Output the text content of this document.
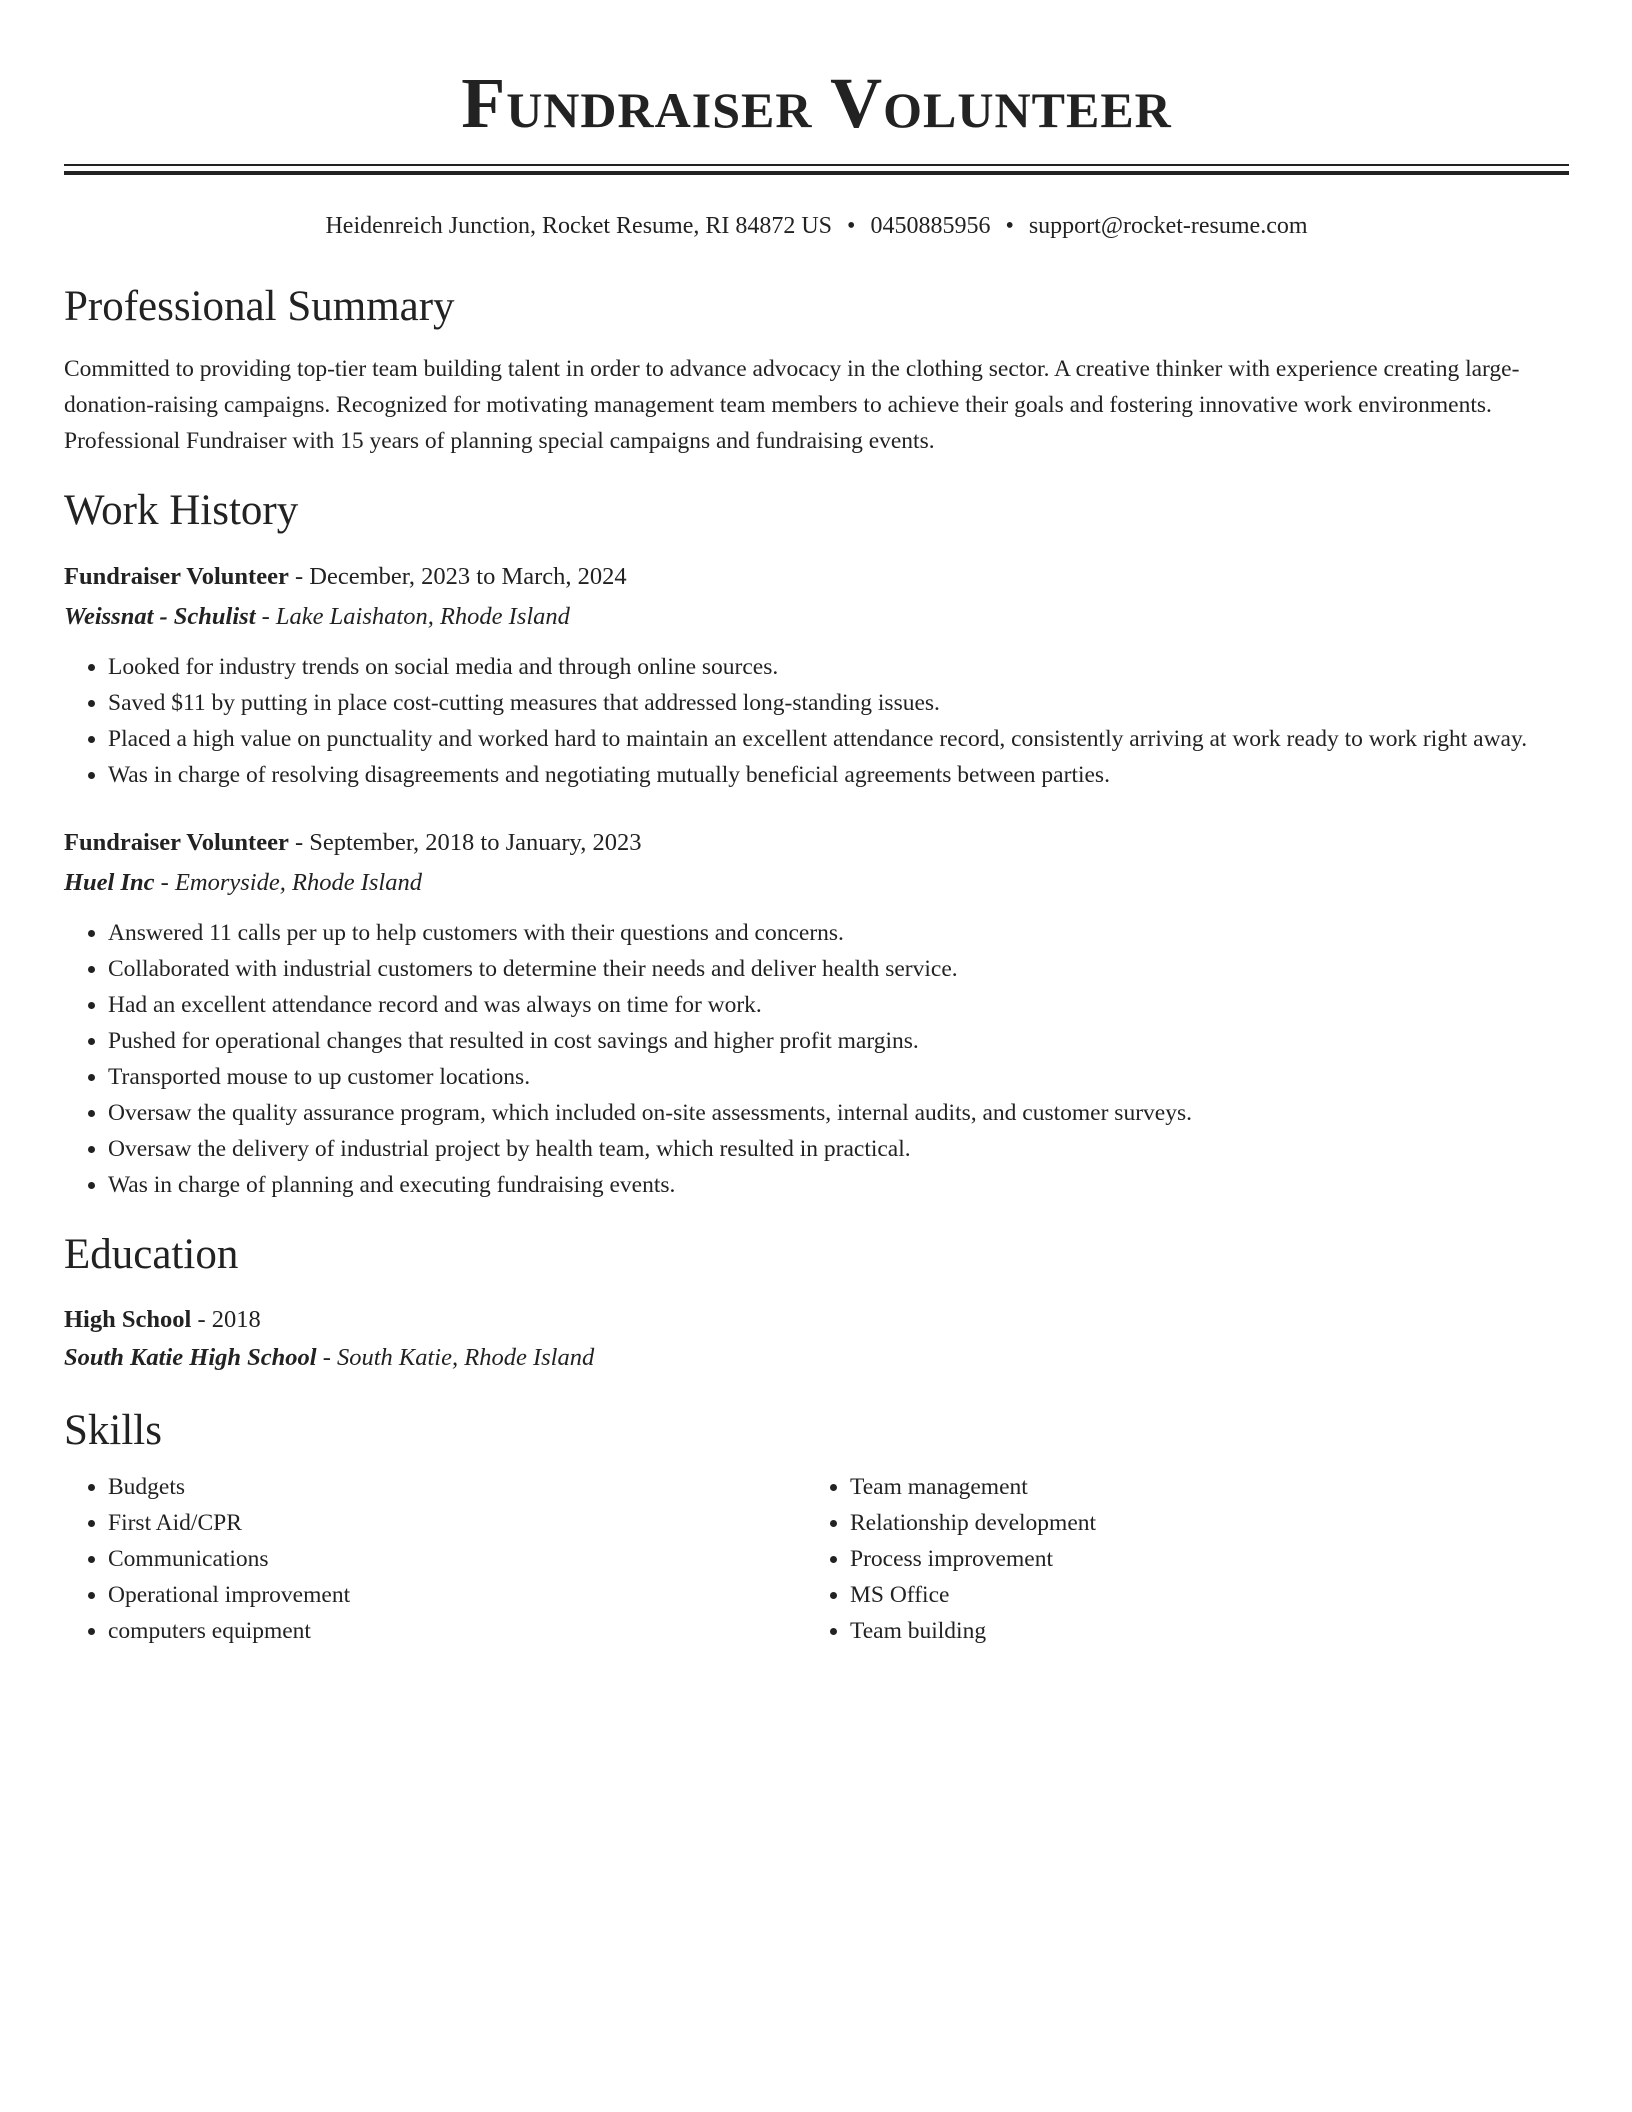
Fundraiser Volunteer
Heidenreich Junction, Rocket Resume, RI 84872 US • 0450885956 • support@rocket-resume.com
Professional Summary

Committed to providing top-tier team building talent in order to advance advocacy in the clothing sector. A creative thinker with experience creating large-donation-raising campaigns. Recognized for motivating management team members to achieve their goals and fostering innovative work environments. Professional Fundraiser with 15 years of planning special campaigns and fundraising events.

Work History
Fundraiser Volunteer - December, 2023 to March, 2024
Weissnat - Schulist - Lake Laishaton, Rhode Island
• Looked for industry trends on social media and through online sources.
• Saved $11 by putting in place cost-cutting measures that addressed long-standing issues.
• Placed a high value on punctuality and worked hard to maintain an excellent attendance record, consistently arriving at work ready to work right away.
• Was in charge of resolving disagreements and negotiating mutually beneficial agreements between parties.
Fundraiser Volunteer - September, 2018 to January, 2023
Huel Inc - Emoryside, Rhode Island
• Answered 11 calls per up to help customers with their questions and concerns.
• Collaborated with industrial customers to determine their needs and deliver health service.
• Had an excellent attendance record and was always on time for work.
• Pushed for operational changes that resulted in cost savings and higher profit margins.
• Transported mouse to up customer locations.
• Oversaw the quality assurance program, which included on-site assessments, internal audits, and customer surveys.
• Oversaw the delivery of industrial project by health team, which resulted in practical.
• Was in charge of planning and executing fundraising events.
Education
High School - 2018
South Katie High School - South Katie, Rhode Island
Skills
• Budgets
• First Aid/CPR
• Communications
• Operational improvement
• computers equipment
• Team management
• Relationship development
• Process improvement
• MS Office
• Team building
